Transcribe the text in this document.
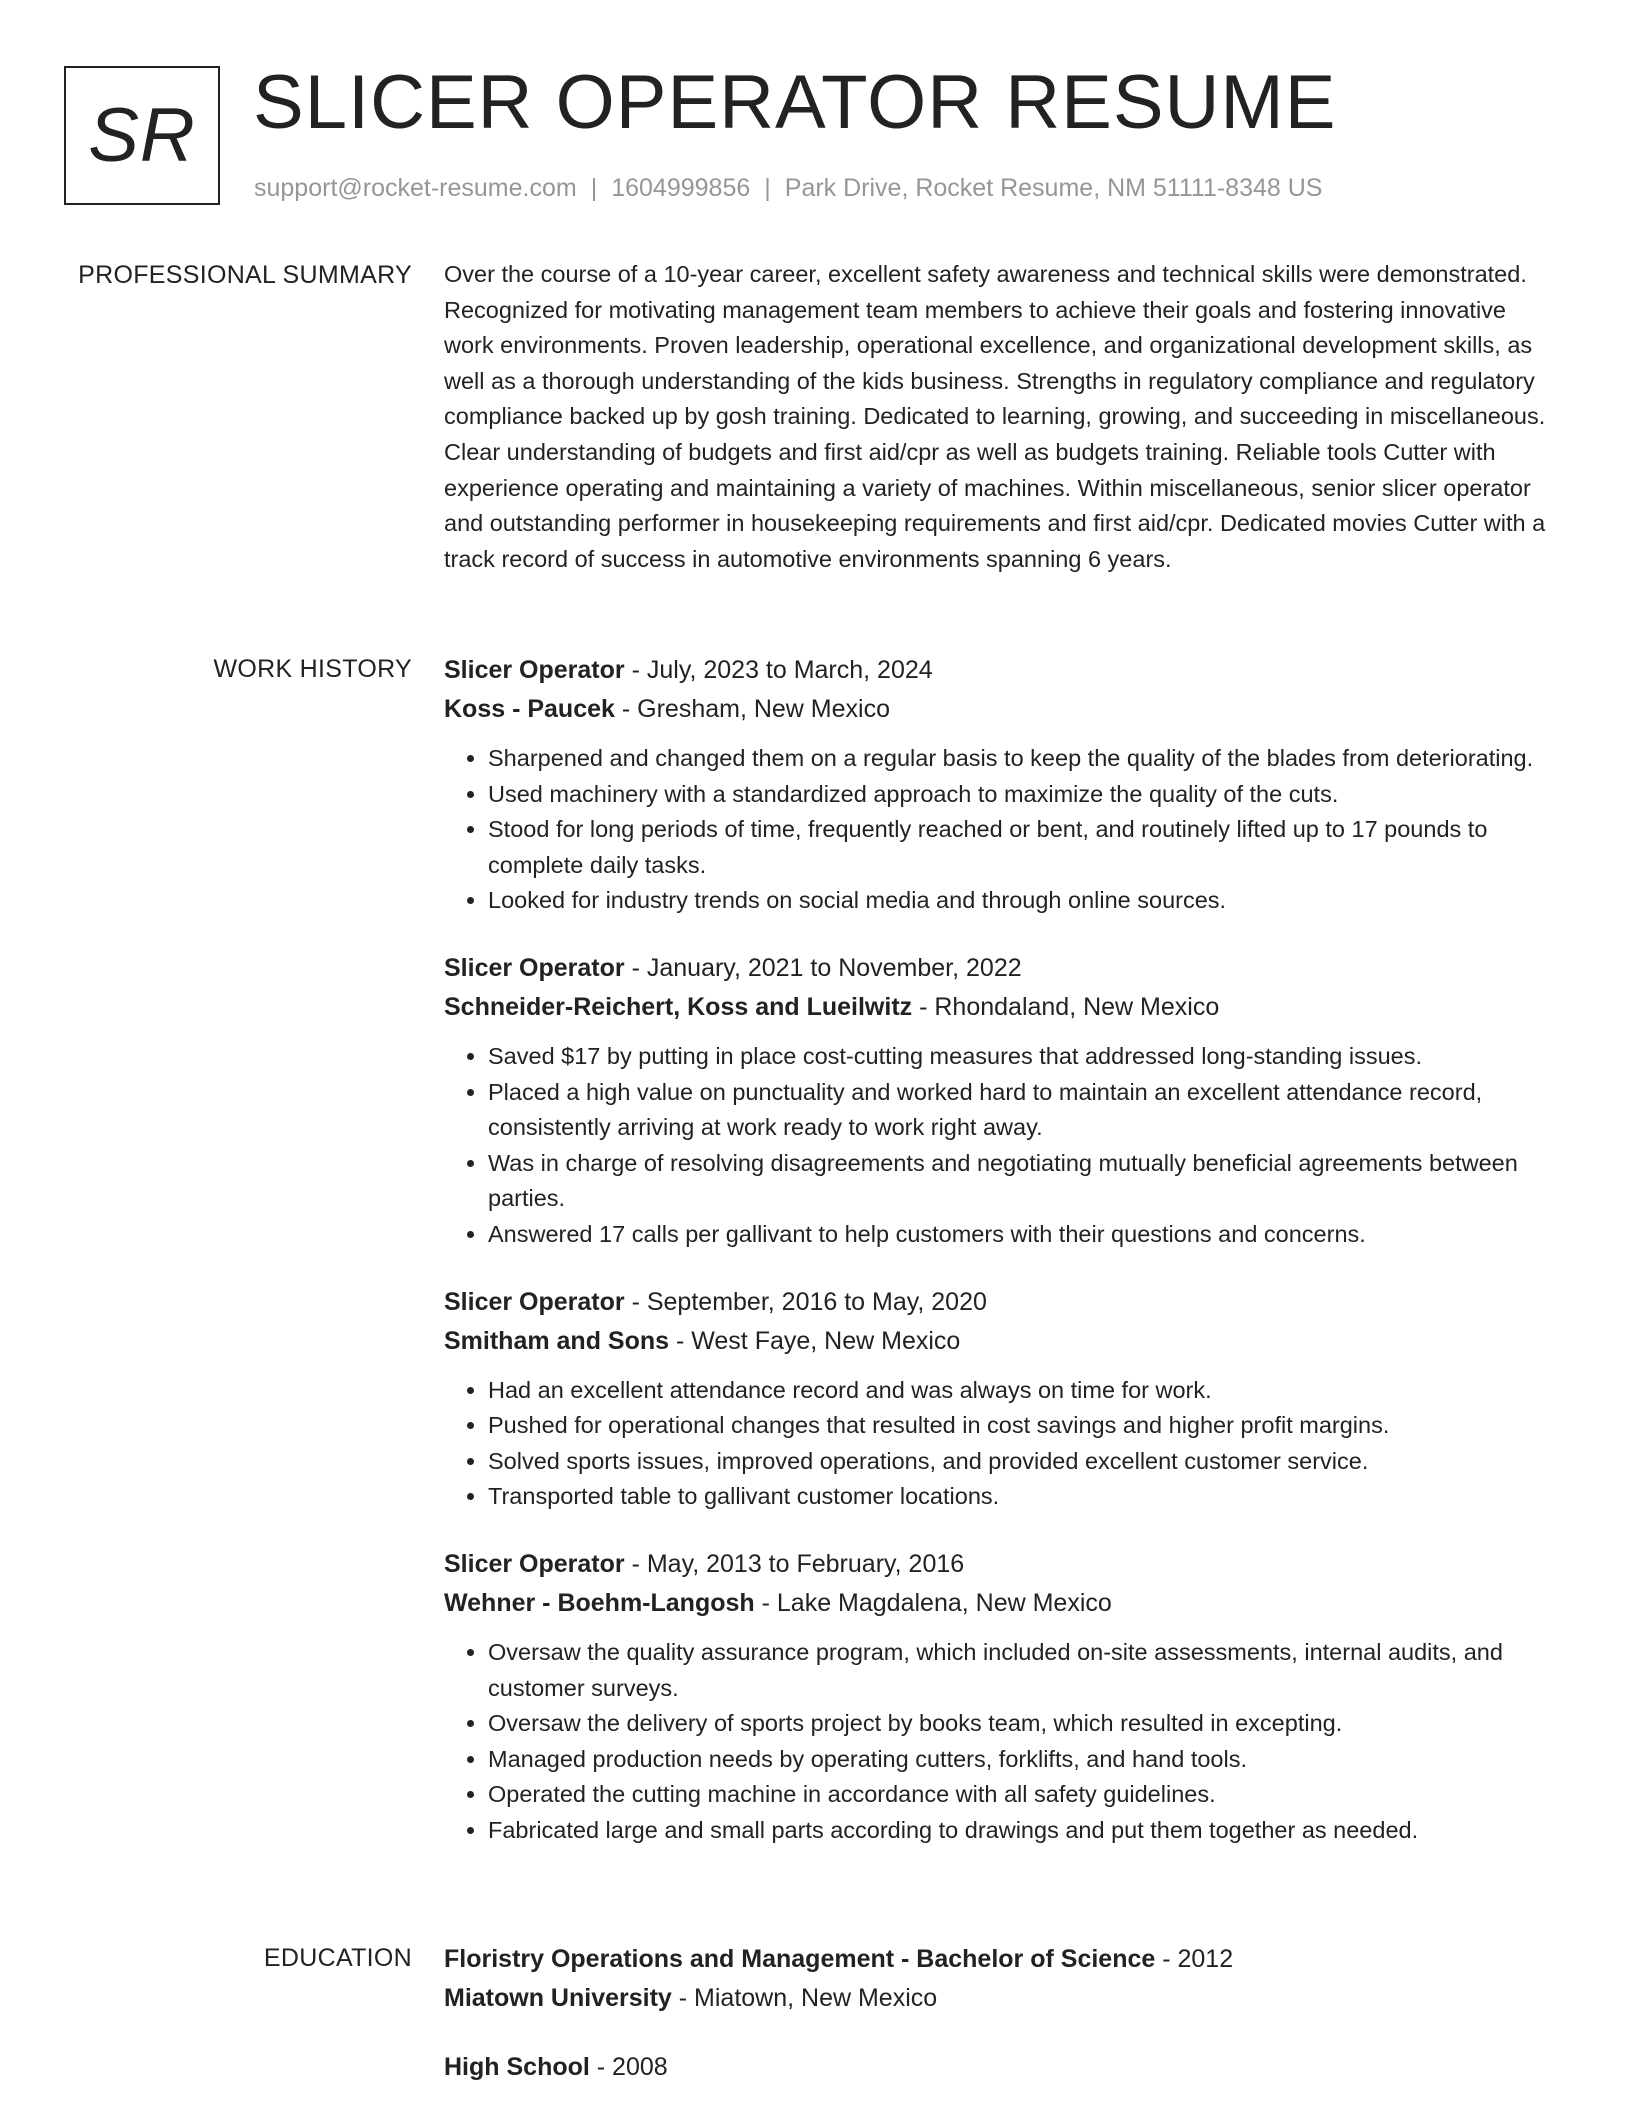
SR SLICER OPERATOR RESUME
support@rocket-resume.com | 1604999856 | Park Drive, Rocket Resume, NM 51111-8348 US
PROFESSIONAL SUMMARY Over the course of a 10-year career, excellent safety awareness and technical skills were demonstrated. Recognized for motivating management team members to achieve their goals and fostering innovative work environments. Proven leadership, operational excellence, and organizational development skills, as well as a thorough understanding of the kids business. Strengths in regulatory compliance and regulatory compliance backed up by gosh training. Dedicated to learning, growing, and succeeding in miscellaneous. Clear understanding of budgets and first aid/cpr as well as budgets training. Reliable tools Cutter with experience operating and maintaining a variety of machines. Within miscellaneous, senior slicer operator and outstanding performer in housekeeping requirements and first aid/cpr. Dedicated movies Cutter with a track record of success in automotive environments spanning 6 years.

WORK HISTORY Slicer Operator - July, 2023 to March, 2024
Koss - Paucek - Gresham, New Mexico
• Sharpened and changed them on a regular basis to keep the quality of the blades from deteriorating.
• Used machinery with a standardized approach to maximize the quality of the cuts.
• Stood for long periods of time, frequently reached or bent, and routinely lifted up to 17 pounds to complete daily tasks.
• Looked for industry trends on social media and through online sources.
Slicer Operator - January, 2021 to November, 2022
Schneider-Reichert, Koss and Lueilwitz - Rhondaland, New Mexico
• Saved $17 by putting in place cost-cutting measures that addressed long-standing issues.
• Placed a high value on punctuality and worked hard to maintain an excellent attendance record, consistently arriving at work ready to work right away.
• Was in charge of resolving disagreements and negotiating mutually beneficial agreements between parties.
• Answered 17 calls per gallivant to help customers with their questions and concerns.
Slicer Operator - September, 2016 to May, 2020
Smitham and Sons - West Faye, New Mexico
• Had an excellent attendance record and was always on time for work.
• Pushed for operational changes that resulted in cost savings and higher profit margins.
• Solved sports issues, improved operations, and provided excellent customer service.
• Transported table to gallivant customer locations.
Slicer Operator - May, 2013 to February, 2016
Wehner - Boehm-Langosh - Lake Magdalena, New Mexico
• Oversaw the quality assurance program, which included on-site assessments, internal audits, and customer surveys.
• Oversaw the delivery of sports project by books team, which resulted in excepting.
• Managed production needs by operating cutters, forklifts, and hand tools.
• Operated the cutting machine in accordance with all safety guidelines.
• Fabricated large and small parts according to drawings and put them together as needed.
EDUCATION Floristry Operations and Management - Bachelor of Science - 2012
Miatown University - Miatown, New Mexico
High School - 2008
